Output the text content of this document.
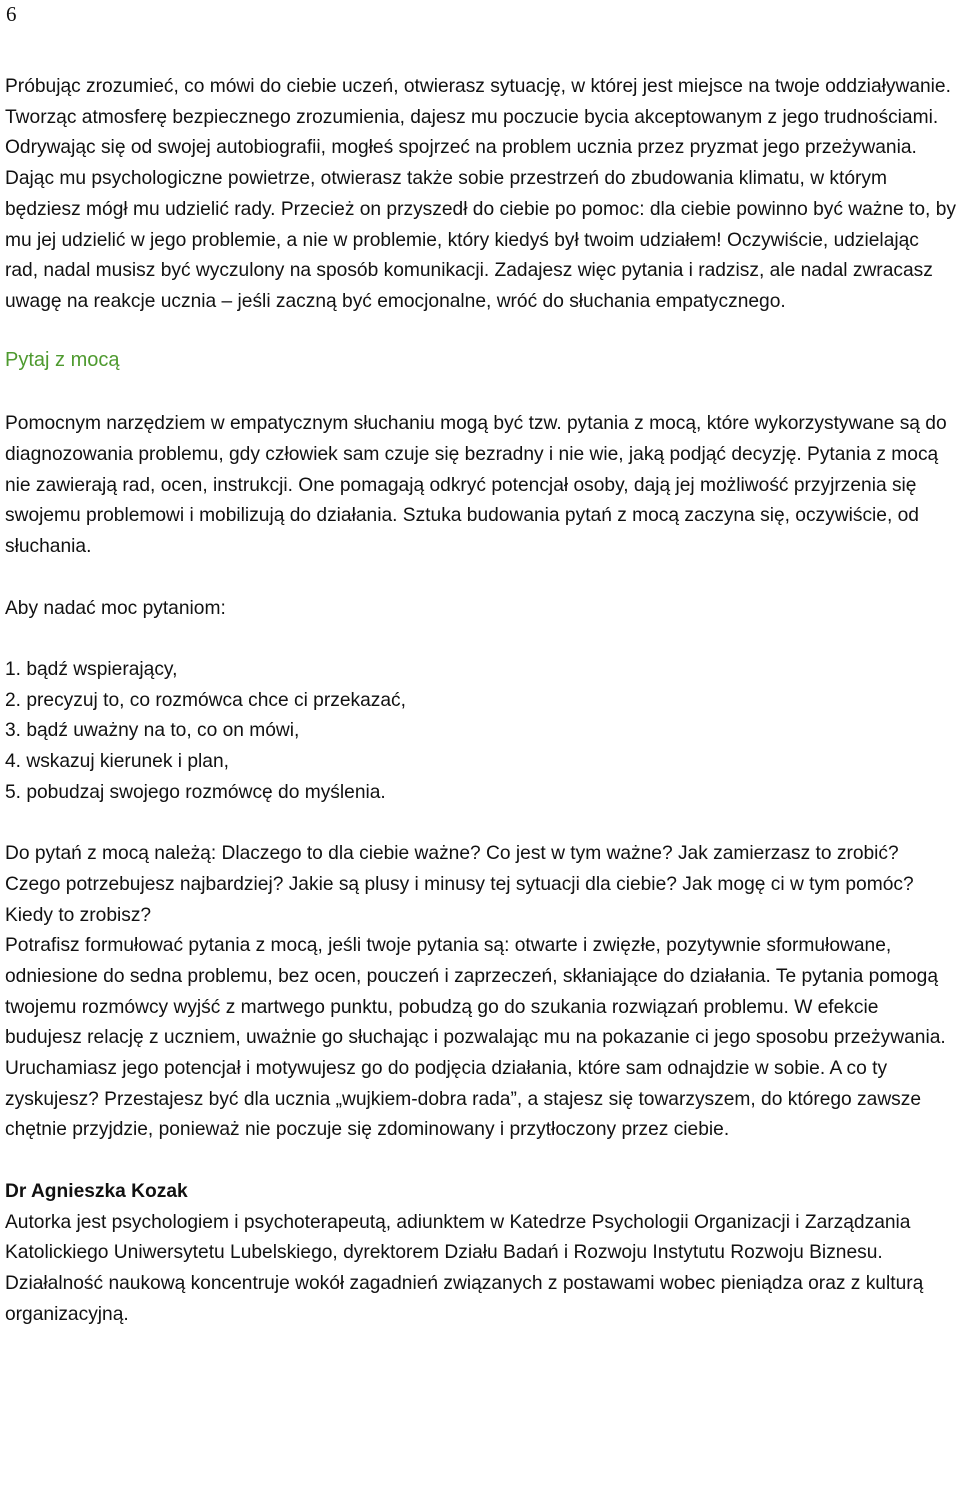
6

Próbując zrozumieć, co mówi do ciebie uczeń, otwierasz sytuację, w której jest miejsce na twoje oddziaływanie. Tworząc atmosferę bezpiecznego zrozumienia, dajesz mu poczucie bycia akceptowanym z jego trudnościami. Odrywając się od swojej autobiografii, mogłeś spojrzeć na problem ucznia przez pryzmat jego przeżywania. Dając mu psychologiczne powietrze, otwierasz także sobie przestrzeń do zbudowania klimatu, w którym będziesz mógł mu udzielić rady. Przecież on przyszedł do ciebie po pomoc: dla ciebie powinno być ważne to, by mu jej udzielić w jego problemie, a nie w problemie, który kiedyś był twoim udziałem! Oczywiście, udzielając rad, nadal musisz być wyczulony na sposób komunikacji. Zadajesz więc pytania i radzisz, ale nadal zwracasz uwagę na reakcje ucznia – jeśli zaczną być emocjonalne, wróć do słuchania empatycznego.

Pytaj z mocą

Pomocnym narzędziem w empatycznym słuchaniu mogą być tzw. pytania z mocą, które wykorzystywane są do diagnozowania problemu, gdy człowiek sam czuje się bezradny i nie wie, jaką podjąć decyzję. Pytania z mocą nie zawierają rad, ocen, instrukcji. One pomagają odkryć potencjał osoby, dają jej możliwość przyjrzenia się swojemu problemowi i mobilizują do działania. Sztuka budowania pytań z mocą zaczyna się, oczywiście, od słuchania.

Aby nadać moc pytaniom:

1. bądź wspierający,
2. precyzuj to, co rozmówca chce ci przekazać,
3. bądź uważny na to, co on mówi,
4. wskazuj kierunek i plan,
5. pobudzaj swojego rozmówcę do myślenia.

Do pytań z mocą należą: Dlaczego to dla ciebie ważne? Co jest w tym ważne? Jak zamierzasz to zrobić? Czego potrzebujesz najbardziej? Jakie są plusy i minusy tej sytuacji dla ciebie? Jak mogę ci w tym pomóc? Kiedy to zrobisz?

Potrafisz formułować pytania z mocą, jeśli twoje pytania są: otwarte i zwięzłe, pozytywnie sformułowane, odniesione do sedna problemu, bez ocen, pouczeń i zaprzeczeń, skłaniające do działania. Te pytania pomogą twojemu rozmówcy wyjść z martwego punktu, pobudzą go do szukania rozwiązań problemu. W efekcie budujesz relację z uczniem, uważnie go słuchając i pozwalając mu na pokazanie ci jego sposobu przeżywania. Uruchamiasz jego potencjał i motywujesz go do podjęcia działania, które sam odnajdzie w sobie. A co ty zyskujesz? Przestajesz być dla ucznia „wujkiem-dobra rada”, a stajesz się towarzyszem, do którego zawsze chętnie przyjdzie, ponieważ nie poczuje się zdominowany i przytłoczony przez ciebie.

Dr Agnieszka Kozak

Autorka jest psychologiem i psychoterapeutą, adiunktem w Katedrze Psychologii Organizacji i Zarządzania Katolickiego Uniwersytetu Lubelskiego, dyrektorem Działu Badań i Rozwoju Instytutu Rozwoju Biznesu. Działalność naukową koncentruje wokół zagadnień związanych z postawami wobec pieniądza oraz z kulturą organizacyjną.
